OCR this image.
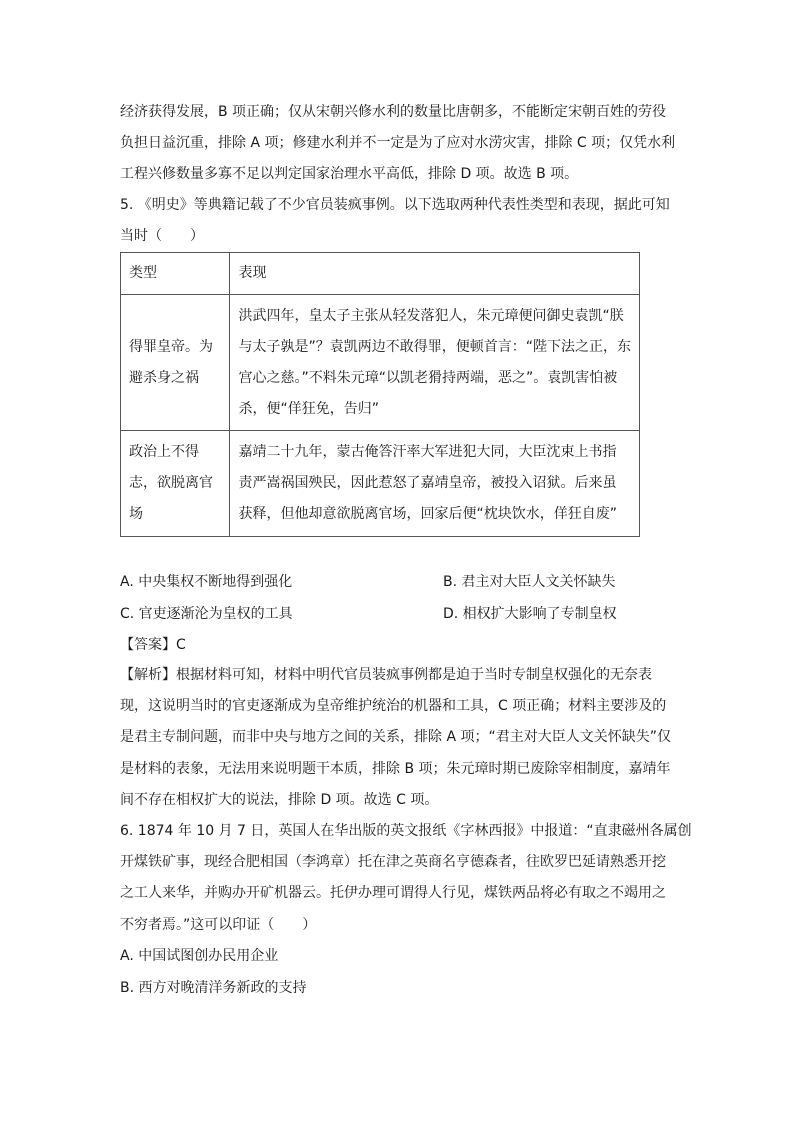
经济获得发展，B 项正确；仅从宋朝兴修水利的数量比唐朝多，不能断定宋朝百姓的劳役
负担日益沉重，排除 A 项；修建水利并不一定是为了应对水涝灾害，排除 C 项；仅凭水利
工程兴修数量多寡不足以判定国家治理水平高低，排除 D 项。故选 B 项。

5. 《明史》等典籍记载了不少官员装疯事例。以下选取两种代表性类型和表现，据此可知
当时（　　）

类型	表现

得罪皇帝。为
避杀身之祸	洪武四年，皇太子主张从轻发落犯人，朱元璋便问御史袁凯“朕
与太子孰是”？袁凯两边不敢得罪，便顿首言：“陛下法之正，东
宫心之慈。”不料朱元璋“以凯老猾持两端，恶之”。袁凯害怕被
杀，便“佯狂免，告归”

政治上不得
志，欲脱离官
场	嘉靖二十九年，蒙古俺答汗率大军进犯大同，大臣沈束上书指
责严嵩祸国殃民，因此惹怒了嘉靖皇帝，被投入诏狱。后来虽
获释，但他却意欲脱离官场，回家后便“枕块饮水，佯狂自废”
A. 中央集权不断地得到强化	B. 君主对大臣人文关怀缺失
C. 官吏逐渐沦为皇权的工具	D. 相权扩大影响了专制皇权
【答案】C

【解析】根据材料可知，材料中明代官员装疯事例都是迫于当时专制皇权强化的无奈表
现，这说明当时的官吏逐渐成为皇帝维护统治的机器和工具，C 项正确；材料主要涉及的
是君主专制问题，而非中央与地方之间的关系，排除 A 项；“君主对大臣人文关怀缺失”仅
是材料的表象，无法用来说明题干本质，排除 B 项；朱元璋时期已废除宰相制度，嘉靖年
间不存在相权扩大的说法，排除 D 项。故选 C 项。

6. 1874 年 10 月 7 日，英国人在华出版的英文报纸《字林西报》中报道：“直隶磁州各属创
开煤铁矿事，现经合肥相国（李鸿章）托在津之英商名亨德森者，往欧罗巴延请熟悉开挖
之工人来华，并购办开矿机器云。托伊办理可谓得人行见，煤铁两品将必有取之不竭用之
不穷者焉。”这可以印证（　　）

A. 中国试图创办民用企业
B. 西方对晚清洋务新政的支持
